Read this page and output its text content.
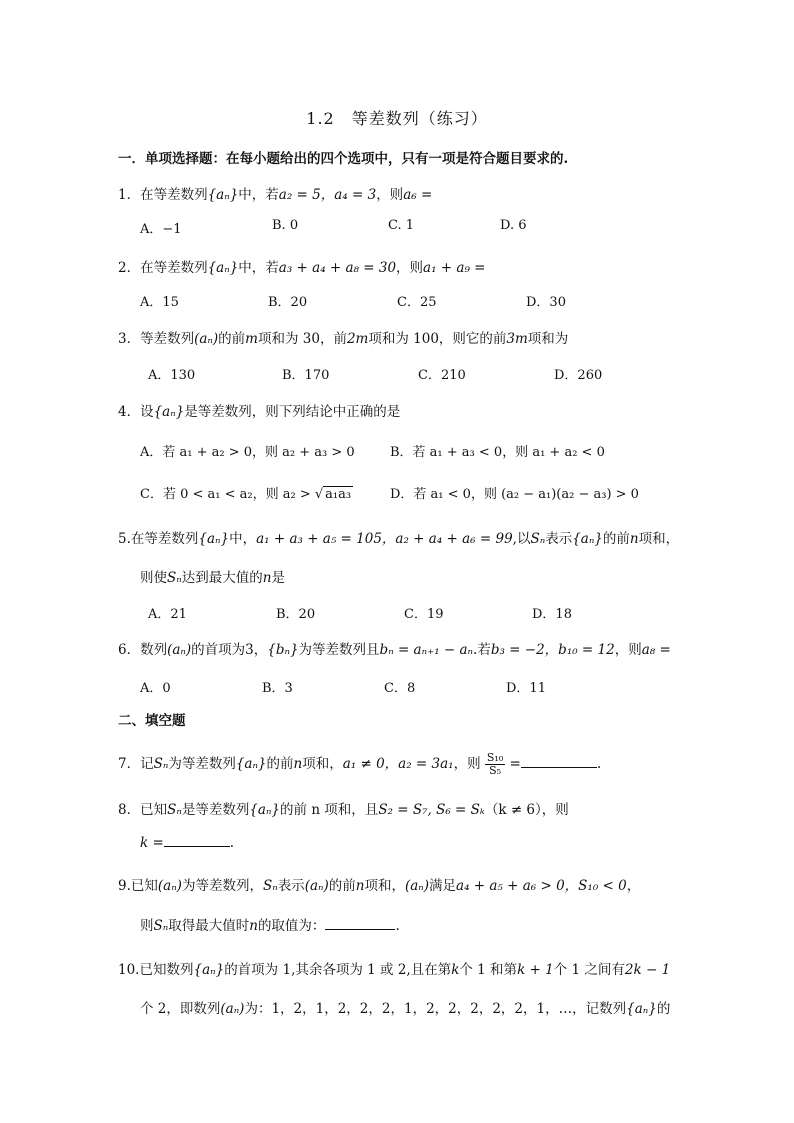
1.2　等差数列（练习）
一．单项选择题：在每小题给出的四个选项中，只有一项是符合题目要求的.
1．在等差数列{aₙ}中，若a₂ = 5，a₄ = 3，则a₆ =
A．−1	B. 0	C. 1	D. 6
2．在等差数列{aₙ}中，若a₃ + a₄ + a₈ = 30，则a₁ + a₉ =
A．15	B．20	C．25	D．30
3．等差数列(aₙ)的前m项和为 30，前2m项和为 100，则它的前3m项和为
A．130	B．170	C．210	D．260
4．设{aₙ}是等差数列，则下列结论中正确的是
A．若 a₁ + a₂ > 0，则 a₂ + a₃ > 0	B．若 a₁ + a₃ < 0，则 a₁ + a₂ < 0
C．若 0 < a₁ < a₂，则 a₂ > √ a₁a₃	D．若 a₁ < 0，则 (a₂ − a₁)(a₂ − a₃) > 0
5.在等差数列{aₙ}中，a₁ + a₃ + a₅ = 105，a₂ + a₄ + a₆ = 99,以Sₙ表示{aₙ}的前n项和，
则使Sₙ达到最大值的n是
A．21	B．20	C．19	D．18
6．数列(aₙ)的首项为3，{bₙ}为等差数列且bₙ = aₙ₊₁ − aₙ.若b₃ = −2，b₁₀ = 12，则a₈ =
A．0	B．3	C．8	D．11
二、填空题
7．记Sₙ为等差数列{aₙ}的前n项和，a₁ ≠ 0，a₂ = 3a₁，则 $\frac{\text{S₁₀}}{\text{S₅}}$ =	.
8．已知Sₙ是等差数列{aₙ}的前 n 项和，且S₂ = S₇, S₆ = Sₖ（k ≠ 6），则
k =	.
9.已知(aₙ)为等差数列，Sₙ表示(aₙ)的前n项和，(aₙ)满足a₄ + a₅ + a₆ > 0，S₁₀ < 0，
则Sₙ取得最大值时n的取值为：	.
10.已知数列{aₙ}的首项为 1,其余各项为 1 或 2,且在第k个 1 和第k + 1个 1 之间有2k − 1
个 2，即数列(aₙ)为：1，2，1，2，2，2，1，2，2，2，2，2，1，…，记数列{aₙ}的
